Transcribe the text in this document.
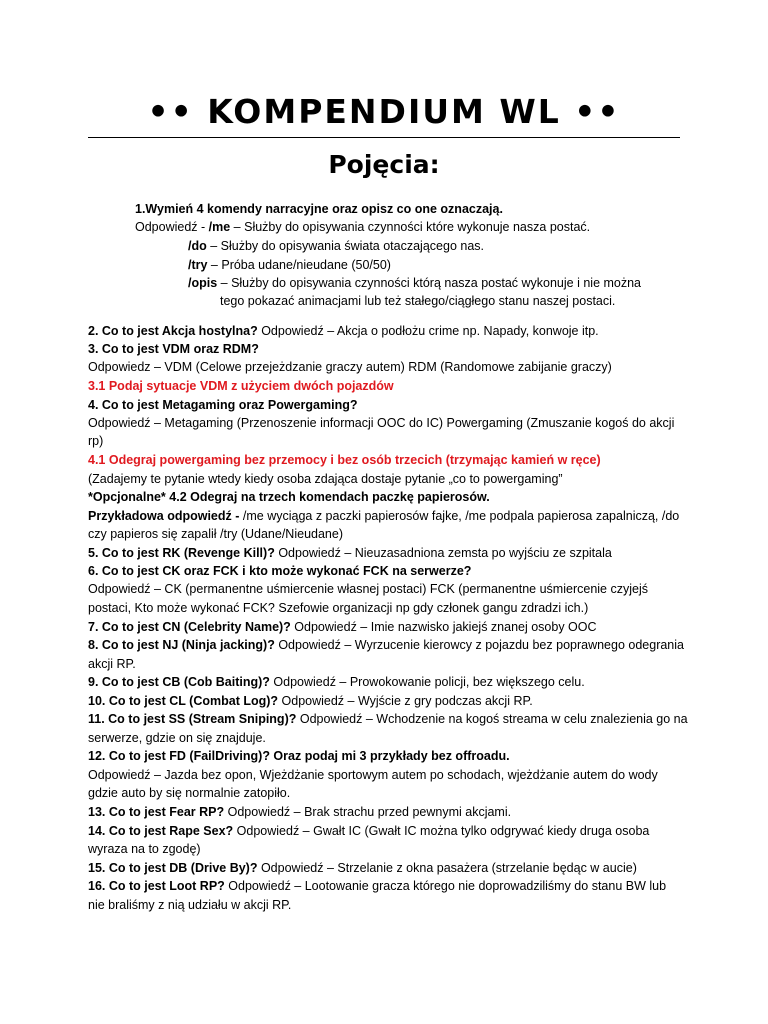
•• KOMPENDIUM WL ••
Pojęcia:
1.Wymień 4 komendy narracyjne oraz opisz co one oznaczają.
Odpowiedź - /me – Służby do opisywania czynności które wykonuje nasza postać.
/do – Służby do opisywania świata otaczającego nas.
/try – Próba udane/nieudane (50/50)
/opis – Służby do opisywania czynności którą nasza postać wykonuje i nie można
tego pokazać animacjami lub też stałego/ciągłego stanu naszej postaci.
2. Co to jest Akcja hostylna? Odpowiedź – Akcja o podłożu crime np. Napady, konwoje itp.
3. Co to jest VDM oraz RDM?
Odpowiedz – VDM (Celowe przejeżdzanie graczy autem) RDM (Randomowe zabijanie graczy)
3.1 Podaj sytuacje VDM z użyciem dwóch pojazdów
4. Co to jest Metagaming oraz Powergaming?
Odpowiedź – Metagaming (Przenoszenie informacji OOC do IC) Powergaming (Zmuszanie kogoś do akcji
rp)
4.1 Odegraj powergaming bez przemocy i bez osób trzecich (trzymając kamień w ręce)
(Zadajemy te pytanie wtedy kiedy osoba zdająca dostaje pytanie „co to powergaming”
*Opcjonalne* 4.2 Odegraj na trzech komendach paczkę papierosów.
Przykładowa odpowiedź - /me wyciąga z paczki papierosów fajke, /me podpala papierosa zapalniczą, /do
czy papieros się zapalił /try (Udane/Nieudane)
5. Co to jest RK (Revenge Kill)? Odpowiedź – Nieuzasadniona zemsta po wyjściu ze szpitala
6. Co to jest CK oraz FCK i kto może wykonać FCK na serwerze?
Odpowiedź – CK (permanentne uśmiercenie własnej postaci) FCK (permanentne uśmiercenie czyjejś
postaci, Kto może wykonać FCK? Szefowie organizacji np gdy członek gangu zdradzi ich.)
7. Co to jest CN (Celebrity Name)? Odpowiedź – Imie nazwisko jakiejś znanej osoby OOC
8. Co to jest NJ (Ninja jacking)? Odpowiedź – Wyrzucenie kierowcy z pojazdu bez poprawnego odegrania
akcji RP.
9. Co to jest CB (Cob Baiting)? Odpowiedź – Prowokowanie policji, bez większego celu.
10. Co to jest CL (Combat Log)? Odpowiedź – Wyjście z gry podczas akcji RP.
11. Co to jest SS (Stream Sniping)? Odpowiedź – Wchodzenie na kogoś streama w celu znalezienia go na
serwerze, gdzie on się znajduje.
12. Co to jest FD (FailDriving)? Oraz podaj mi 3 przykłady bez offroadu.
Odpowiedź – Jazda bez opon, Wjeżdżanie sportowym autem po schodach, wjeżdżanie autem do wody
gdzie auto by się normalnie zatopiło.
13. Co to jest Fear RP? Odpowiedź – Brak strachu przed pewnymi akcjami.
14. Co to jest Rape Sex? Odpowiedź – Gwałt IC (Gwałt IC można tylko odgrywać kiedy druga osoba
wyraza na to zgodę)
15. Co to jest DB (Drive By)? Odpowiedź – Strzelanie z okna pasażera (strzelanie będąc w aucie)
16. Co to jest Loot RP? Odpowiedź – Lootowanie gracza którego nie doprowadziliśmy do stanu BW lub
nie braliśmy z nią udziału w akcji RP.
